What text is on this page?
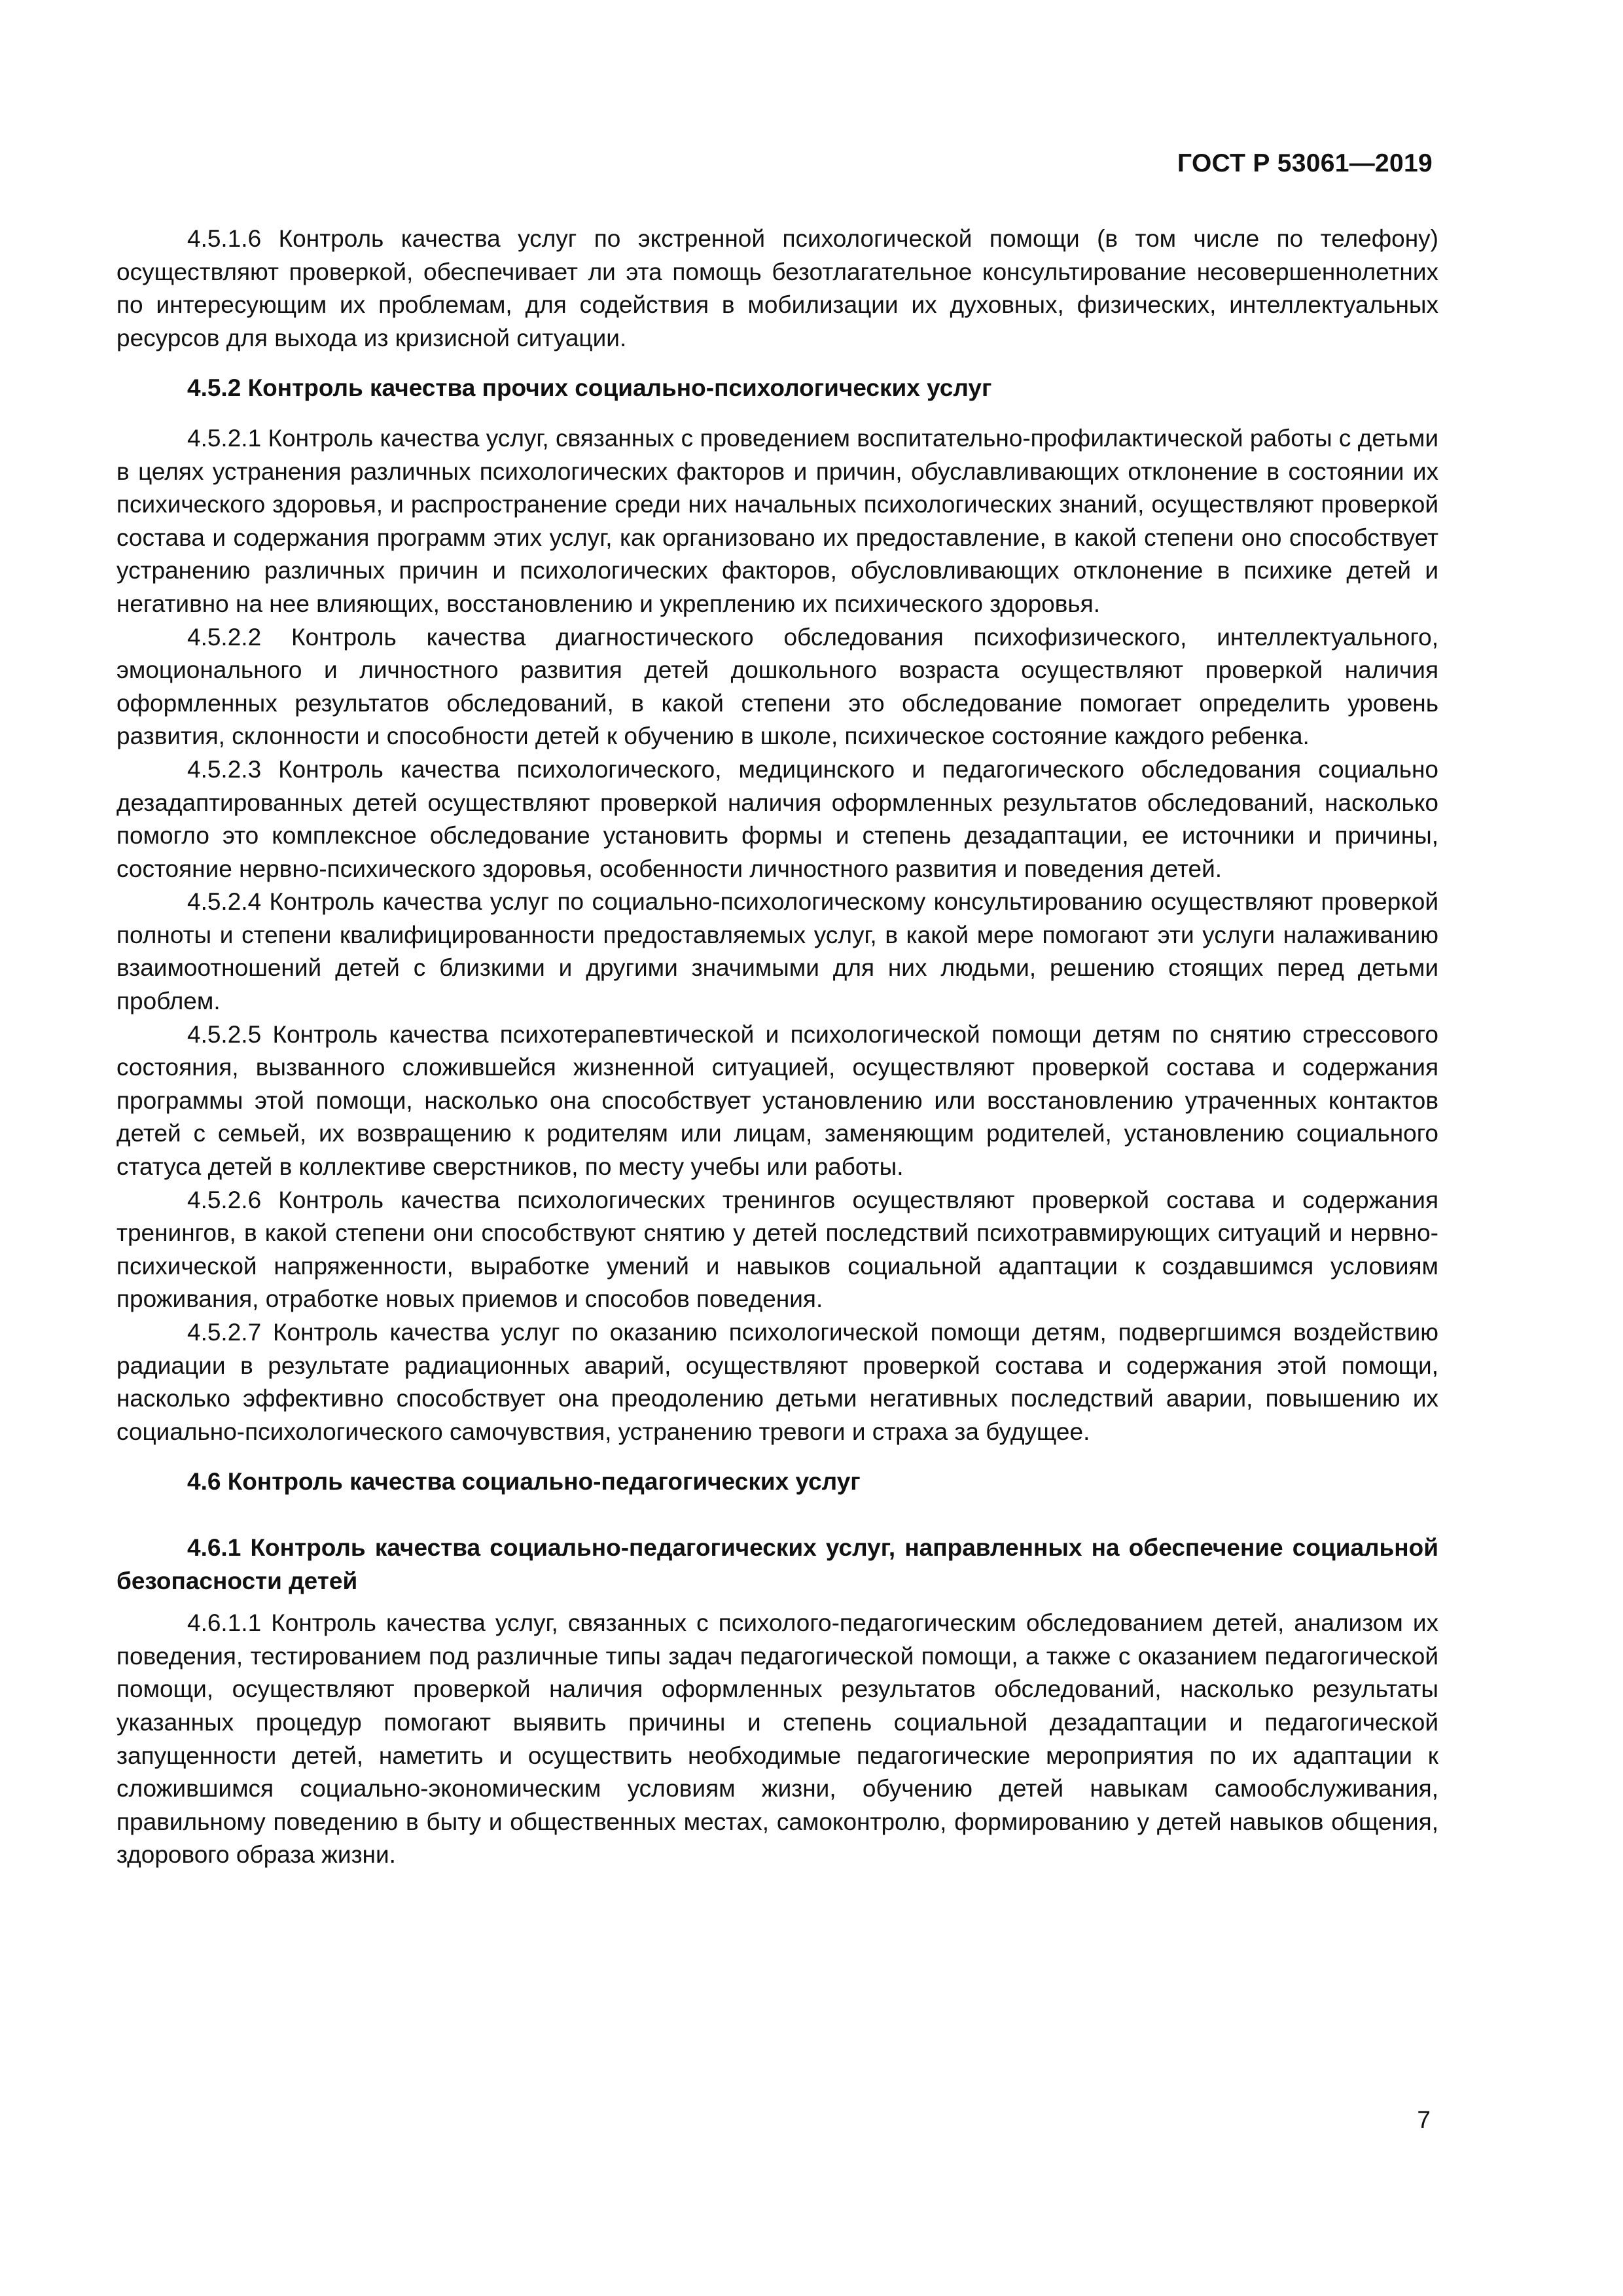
ГОСТ Р 53061—2019

4.5.1.6 Контроль качества услуг по экстренной психологической помощи (в том числе по телефону) осуществляют проверкой, обеспечивает ли эта помощь безотлагательное консультирование несовершеннолетних по интересующим их проблемам, для содействия в мобилизации их духовных, физических, интеллектуальных ресурсов для выхода из кризисной ситуации.

4.5.2 Контроль качества прочих социально-психологических услуг

4.5.2.1 Контроль качества услуг, связанных с проведением воспитательно-профилактической работы с детьми в целях устранения различных психологических факторов и причин, обуславливающих отклонение в состоянии их психического здоровья, и распространение среди них начальных психологических знаний, осуществляют проверкой состава и содержания программ этих услуг, как организовано их предоставление, в какой степени оно способствует устранению различных причин и психологических факторов, обусловливающих отклонение в психике детей и негативно на нее влияющих, восстановлению и укреплению их психического здоровья.

4.5.2.2 Контроль качества диагностического обследования психофизического, интеллектуального, эмоционального и личностного развития детей дошкольного возраста осуществляют проверкой наличия оформленных результатов обследований, в какой степени это обследование помогает определить уровень развития, склонности и способности детей к обучению в школе, психическое состояние каждого ребенка.

4.5.2.3 Контроль качества психологического, медицинского и педагогического обследования социально дезадаптированных детей осуществляют проверкой наличия оформленных результатов обследований, насколько помогло это комплексное обследование установить формы и степень дезадаптации, ее источники и причины, состояние нервно-психического здоровья, особенности личностного развития и поведения детей.

4.5.2.4 Контроль качества услуг по социально-психологическому консультированию осуществляют проверкой полноты и степени квалифицированности предоставляемых услуг, в какой мере помогают эти услуги налаживанию взаимоотношений детей с близкими и другими значимыми для них людьми, решению стоящих перед детьми проблем.

4.5.2.5 Контроль качества психотерапевтической и психологической помощи детям по снятию стрессового состояния, вызванного сложившейся жизненной ситуацией, осуществляют проверкой состава и содержания программы этой помощи, насколько она способствует установлению или восстановлению утраченных контактов детей с семьей, их возвращению к родителям или лицам, заменяющим родителей, установлению социального статуса детей в коллективе сверстников, по месту учебы или работы.

4.5.2.6 Контроль качества психологических тренингов осуществляют проверкой состава и содержания тренингов, в какой степени они способствуют снятию у детей последствий психотравмирующих ситуаций и нервно-психической напряженности, выработке умений и навыков социальной адаптации к создавшимся условиям проживания, отработке новых приемов и способов поведения.

4.5.2.7 Контроль качества услуг по оказанию психологической помощи детям, подвергшимся воздействию радиации в результате радиационных аварий, осуществляют проверкой состава и содержания этой помощи, насколько эффективно способствует она преодолению детьми негативных последствий аварии, повышению их социально-психологического самочувствия, устранению тревоги и страха за будущее.

4.6 Контроль качества социально-педагогических услуг
4.6.1 Контроль качества социально-педагогических услуг, направленных на обеспечение социальной безопасности детей

4.6.1.1 Контроль качества услуг, связанных с психолого-педагогическим обследованием детей, анализом их поведения, тестированием под различные типы задач педагогической помощи, а также с оказанием педагогической помощи, осуществляют проверкой наличия оформленных результатов обследований, насколько результаты указанных процедур помогают выявить причины и степень социальной дезадаптации и педагогической запущенности детей, наметить и осуществить необходимые педагогические мероприятия по их адаптации к сложившимся социально-экономическим условиям жизни, обучению детей навыкам самообслуживания, правильному поведению в быту и общественных местах, самоконтролю, формированию у детей навыков общения, здорового образа жизни.

7
